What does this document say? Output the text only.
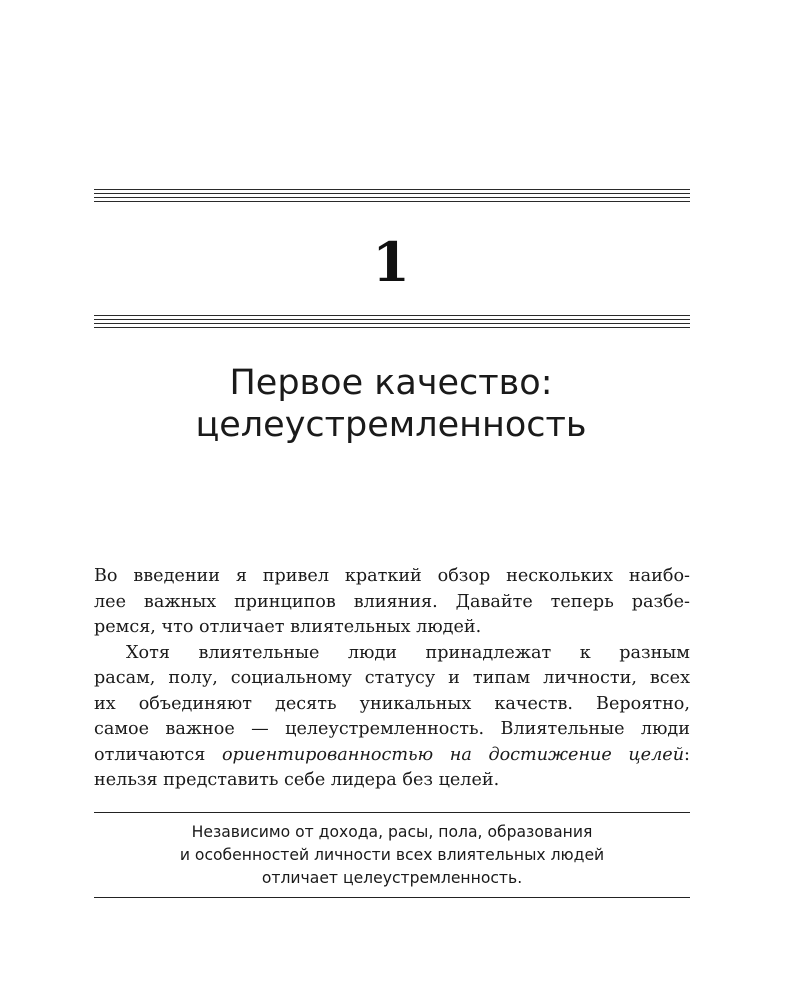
1
Первое качество:
целеустремленность
Во введении я привел краткий обзор нескольких наибо-
лее важных принципов влияния. Давайте теперь разбе-
ремся, что отличает влиятельных людей.
Хотя влиятельные люди принадлежат к разным
расам, полу, социальному статусу и типам личности, всех
их объединяют десять уникальных качеств. Вероятно,
самое важное — целеустремленность. Влиятельные люди
отличаются ориентированностью на достижение целей:
нельзя представить себе лидера без целей.
Независимо от дохода, расы, пола, образования
и особенностей личности всех влиятельных людей
отличает целеустремленность.
